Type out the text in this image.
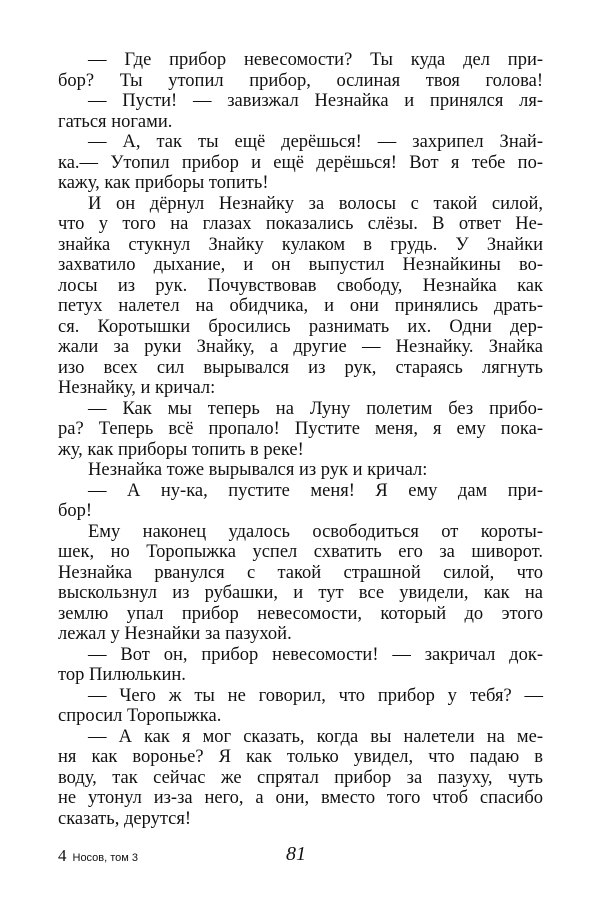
— Где прибор невесомости? Ты куда дел при-
бор? Ты утопил прибор, ослиная твоя голова!
— Пусти! — завизжал Незнайка и принялся ля-
гаться ногами.
— А, так ты ещё дерёшься! — захрипел Знай-
ка.— Утопил прибор и ещё дерёшься! Вот я тебе по-
кажу, как приборы топить!
И он дёрнул Незнайку за волосы с такой силой,
что у того на глазах показались слёзы. В ответ Не-
знайка стукнул Знайку кулаком в грудь. У Знайки
захватило дыхание, и он выпустил Незнайкины во-
лосы из рук. Почувствовав свободу, Незнайка как
петух налетел на обидчика, и они принялись драть-
ся. Коротышки бросились разнимать их. Одни дер-
жали за руки Знайку, а другие — Незнайку. Знайка
изо всех сил вырывался из рук, стараясь лягнуть
Незнайку, и кричал:
— Как мы теперь на Луну полетим без прибо-
ра? Теперь всё пропало! Пустите меня, я ему пока-
жу, как приборы топить в реке!
Незнайка тоже вырывался из рук и кричал:
— А ну-ка, пустите меня! Я ему дам при-
бор!
Ему наконец удалось освободиться от короты-
шек, но Торопыжка успел схватить его за шиворот.
Незнайка рванулся с такой страшной силой, что
выскользнул из рубашки, и тут все увидели, как на
землю упал прибор невесомости, который до этого
лежал у Незнайки за пазухой.
— Вот он, прибор невесомости! — закричал док-
тор Пилюлькин.
— Чего ж ты не говорил, что прибор у тебя? —
спросил Торопыжка.
— А как я мог сказать, когда вы налетели на ме-
ня как воронье? Я как только увидел, что падаю в
воду, так сейчас же спрятал прибор за пазуху, чуть
не утонул из-за него, а они, вместо того чтоб спасибо
сказать, дерутся!
4 Носов, том 3	81
